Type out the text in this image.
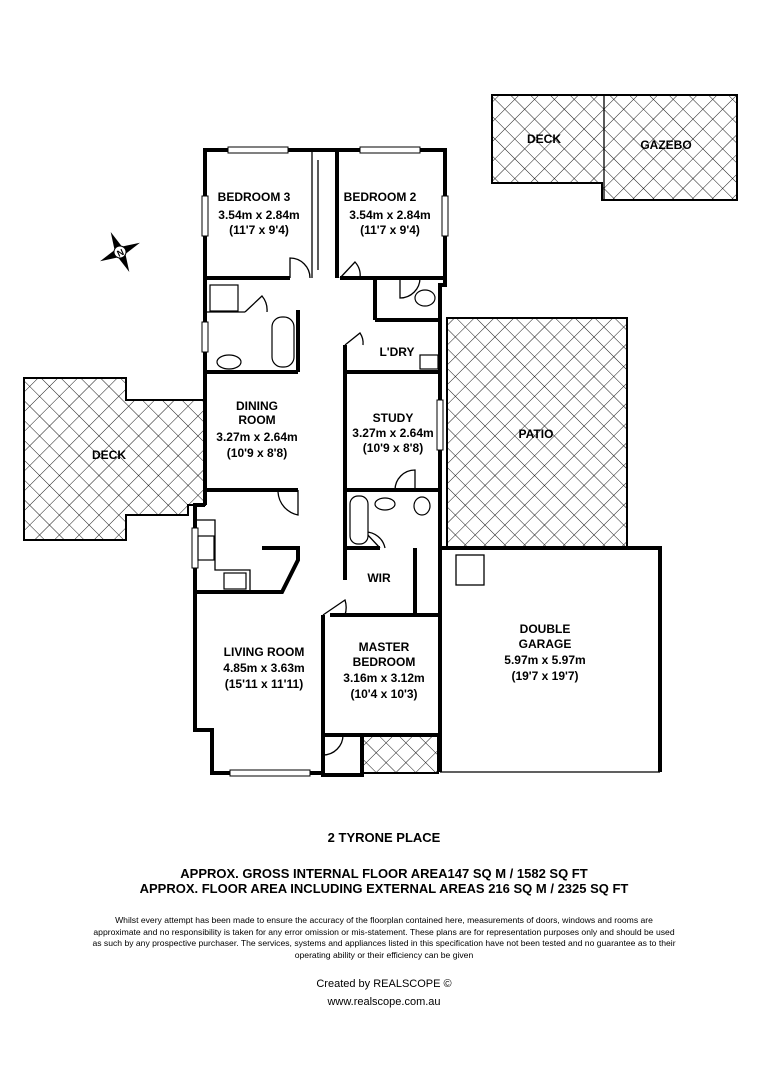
N
BEDROOM 3
3.54m x 2.84m
(11'7 x 9'4)
BEDROOM 2
3.54m x 2.84m
(11'7 x 9'4)
L'DRY
DINING
ROOM
3.27m x 2.64m
(10'9 x 8'8)
STUDY
3.27m x 2.64m
(10'9 x 8'8)
PATIO
DECK
DECK	GAZEBO
WIR
LIVING ROOM
4.85m x 3.63m
(15'11 x 11'11)
MASTER
BEDROOM
3.16m x 3.12m
(10'4 x 10'3)
DOUBLE
GARAGE
5.97m x 5.97m
(19'7 x 19'7)
2 TYRONE PLACE
APPROX. GROSS INTERNAL FLOOR AREA147 SQ M / 1582 SQ FT
APPROX. FLOOR AREA INCLUDING EXTERNAL AREAS 216 SQ M / 2325 SQ FT
Whilst every attempt has been made to ensure the accuracy of the floorplan contained here, measurements of doors, windows and rooms are approximate and no responsibility is taken for any error omission or mis-statement. These plans are for representation purposes only and should be used as such by any prospective purchaser. The services, systems and appliances listed in this specification have not been tested and no guarantee as to their operating ability or their efficiency can be given
Created by REALSCOPE ©
www.realscope.com.au
